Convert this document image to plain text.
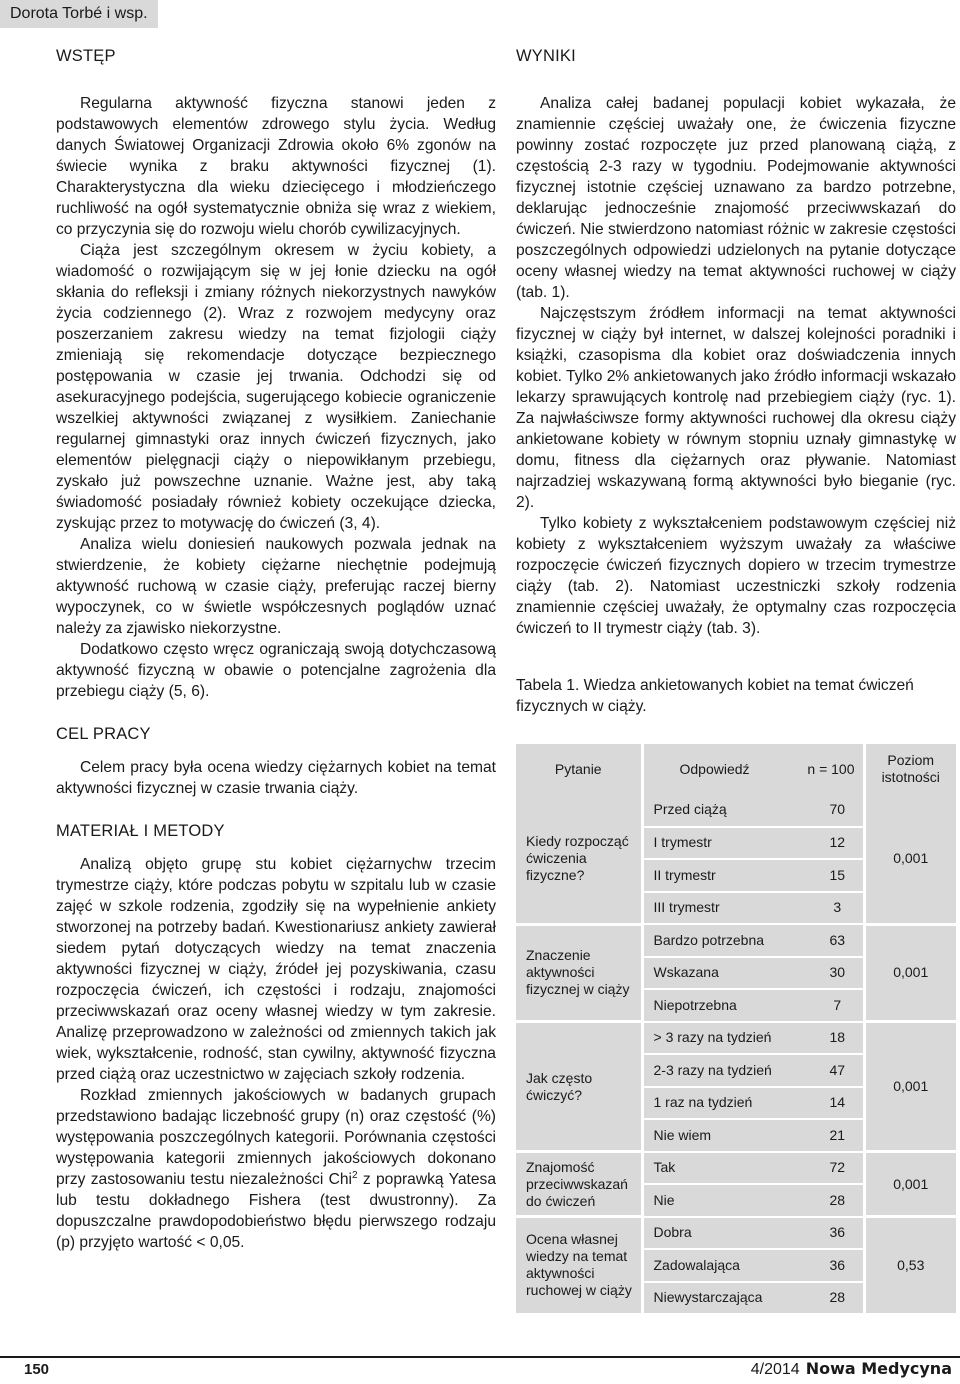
Dorota Torbé i wsp.
WSTĘP

Regularna aktywność fizyczna stanowi jeden z podstawowych elementów zdrowego stylu życia. Według danych Światowej Organizacji Zdrowia około 6% zgonów na świecie wynika z braku aktywności fizycznej (1). Charakterystyczna dla wieku dziecięcego i młodzieńczego ruchliwość na ogół systematycznie obniża się wraz z wiekiem, co przyczynia się do rozwoju wielu chorób cywilizacyjnych.

Ciąża jest szczególnym okresem w życiu kobiety, a wiadomość o rozwijającym się w jej łonie dziecku na ogół skłania do refleksji i zmiany różnych niekorzystnych nawyków życia codziennego (2). Wraz z rozwojem medycyny oraz poszerzaniem zakresu wiedzy na temat fizjologii ciąży zmieniają się rekomendacje dotyczące bezpiecznego postępowania w czasie jej trwania. Odchodzi się od asekuracyjnego podejścia, sugerującego kobiecie ograniczenie wszelkiej aktywności związanej z wysiłkiem. Zaniechanie regularnej gimnastyki oraz innych ćwiczeń fizycznych, jako elementów pielęgnacji ciąży o niepowikłanym przebiegu, zyskało już powszechne uznanie. Ważne jest, aby taką świadomość posiadały również kobiety oczekujące dziecka, zyskując przez to motywację do ćwiczeń (3, 4).

Analiza wielu doniesień naukowych pozwala jednak na stwierdzenie, że kobiety ciężarne niechętnie podejmują aktywność ruchową w czasie ciąży, preferując raczej bierny wypoczynek, co w świetle współczesnych poglądów uznać należy za zjawisko niekorzystne.

Dodatkowo często wręcz ograniczają swoją dotychczasową aktywność fizyczną w obawie o potencjalne zagrożenia dla przebiegu ciąży (5, 6).

CEL PRACY

Celem pracy była ocena wiedzy ciężarnych kobiet na temat aktywności fizycznej w czasie trwania ciąży.

MATERIAŁ I METODY

Analizą objęto grupę stu kobiet ciężarnychw trzecim trymestrze ciąży, które podczas pobytu w szpitalu lub w czasie zajęć w szkole rodzenia, zgodziły się na wypełnienie ankiety stworzonej na potrzeby badań. Kwestionariusz ankiety zawierał siedem pytań dotyczących wiedzy na temat znaczenia aktywności fizycznej w ciąży, źródeł jej pozyskiwania, czasu rozpoczęcia ćwiczeń, ich częstości i rodzaju, znajomości przeciwwskazań oraz oceny własnej wiedzy w tym zakresie. Analizę przeprowadzono w zależności od zmiennych takich jak wiek, wykształcenie, rodność, stan cywilny, aktywność fizyczna przed ciążą oraz uczestnictwo w zajęciach szkoły rodzenia.

Rozkład zmiennych jakościowych w badanych grupach przedstawiono badając liczebność grupy (n) oraz częstość (%) występowania poszczególnych kategorii. Porównania częstości występowania kategorii zmiennych jakościowych dokonano przy zastosowaniu testu niezależności Chi$^2$ z poprawką Yatesa lub testu dokładnego Fishera (test dwustronny). Za dopuszczalne prawdopodobieństwo błędu pierwszego rodzaju (p) przyjęto wartość < 0,05.

WYNIKI

Analiza całej badanej populacji kobiet wykazała, że znamiennie częściej uważały one, że ćwiczenia fizyczne powinny zostać rozpoczęte juz przed planowaną ciążą, z częstością 2-3 razy w tygodniu. Podejmowanie aktywności fizycznej istotnie częściej uznawano za bardzo potrzebne, deklarując jednocześnie znajomość przeciwwskazań do ćwiczeń. Nie stwierdzono natomiast różnic w zakresie częstości poszczególnych odpowiedzi udzielonych na pytanie dotyczące oceny własnej wiedzy na temat aktywności ruchowej w ciąży (tab. 1).

Najczęstszym źródłem informacji na temat aktywności fizycznej w ciąży był internet, w dalszej kolejności poradniki i książki, czasopisma dla kobiet oraz doświadczenia innych kobiet. Tylko 2% ankietowanych jako źródło informacji wskazało lekarzy sprawujących kontrolę nad przebiegiem ciąży (ryc. 1). Za najwłaściwsze formy aktywności ruchowej dla okresu ciąży ankietowane kobiety w równym stopniu uznały gimnastykę w domu, fitness dla ciężarnych oraz pływanie. Natomiast najrzadziej wskazywaną formą aktywności było bieganie (ryc. 2).

Tylko kobiety z wykształceniem podstawowym częściej niż kobiety z wykształceniem wyższym uważały za właściwe rozpoczęcie ćwiczeń fizycznych dopiero w trzecim trymestrze ciąży (tab. 2). Natomiast uczestniczki szkoły rodzenia znamiennie częściej uważały, że optymalny czas rozpoczęcia ćwiczeń to II trymestr ciąży (tab. 3).

Tabela 1. Wiedza ankietowanych kobiet na temat ćwiczeń fizycznych w ciąży.
Pytanie	Odpowiedź n = 100		Poziom istotności
Kiedy rozpocząć ćwiczenia fizyczne?	Przed ciążą	70	0,001
	I trymestr	12	
	II trymestr	15	
	III trymestr	3	
Znaczenie aktywności fizycznej w ciąży	Bardzo potrzebna	63	0,001
	Wskazana	30	
	Niepotrzebna	7	
Jak często ćwiczyć?	> 3 razy na tydzień	18	0,001
	2-3 razy na tydzień	47	
	1 raz na tydzień	14	
	Nie wiem	21	
Znajomość przeciwwskazań do ćwiczeń	Tak	72	0,001
	Nie	28	
Ocena własnej wiedzy na temat aktywności ruchowej w ciąży	Dobra	36	0,53
	Zadowalająca	36	
	Niewystarczająca	28	
150	4/2014 Nowa Medycyna
